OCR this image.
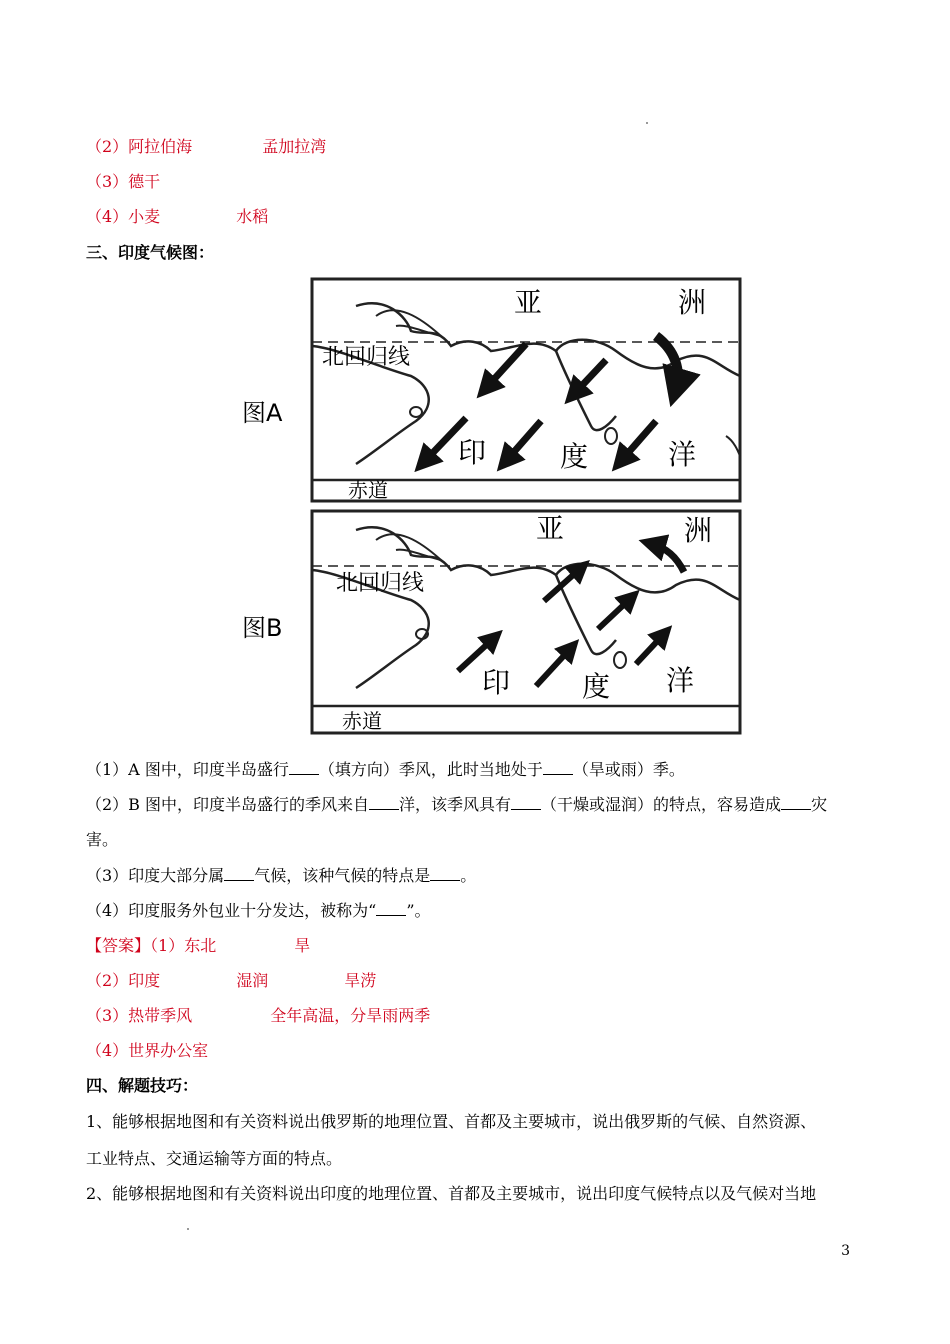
（2）阿拉伯海	孟加拉湾
（3）德干
（4）小麦	水稻
三、印度气候图：
图A
北回归线
赤道
亚	洲
印	度	洋
图B
北回归线
赤道
亚	洲
印	度 洋
（1）A 图中，印度半岛盛行 （填方向）季风，此时当地处于 （旱或雨）季。
（2）B 图中，印度半岛盛行的季风来自 洋，该季风具有 （干燥或湿润）的特点，容易造成 灾
害。
（3）印度大部分属 气候，该种气候的特点是 。
（4）印度服务外包业十分发达，被称为“ ”。
【答案】（1）东北	旱
（2）印度	湿润	旱涝
（3）热带季风	全年高温，分旱雨两季
（4）世界办公室
四、解题技巧：
1、能够根据地图和有关资料说出俄罗斯的地理位置、首都及主要城市，说出俄罗斯的气候、自然资源、
工业特点、交通运输等方面的特点。
2、能够根据地图和有关资料说出印度的地理位置、首都及主要城市，说出印度气候特点以及气候对当地
3
